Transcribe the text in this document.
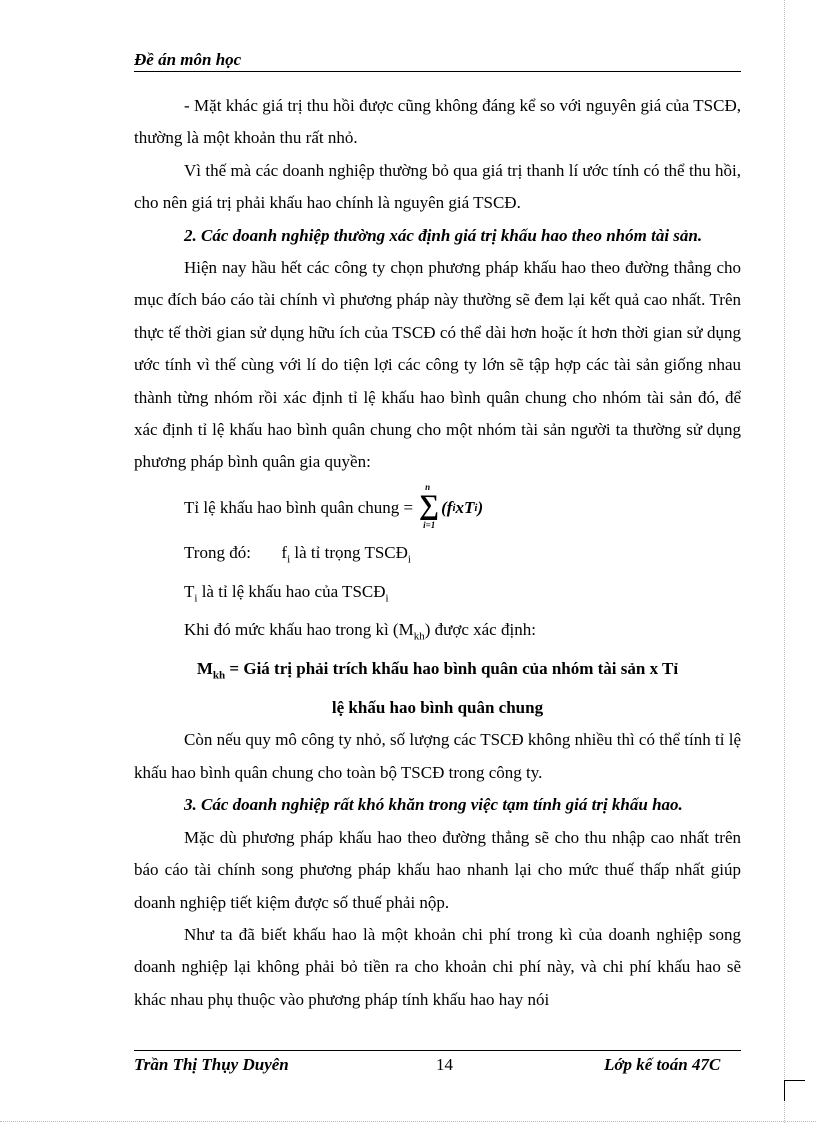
Đề án môn học

- Mặt khác giá trị thu hồi được cũng không đáng kể so với nguyên giá của TSCĐ, thường là một khoản thu rất nhỏ.

Vì thế mà các doanh nghiệp thường bỏ qua giá trị thanh lí ước tính có thể thu hồi, cho nên giá trị phải khấu hao chính là nguyên giá TSCĐ.

2. Các doanh nghiệp thường xác định giá trị khấu hao theo nhóm tài sản.

Hiện nay hầu hết các công ty chọn phương pháp khấu hao theo đường thẳng cho mục đích báo cáo tài chính vì phương pháp này thường sẽ đem lại kết quả cao nhất. Trên thực tế thời gian sử dụng hữu ích của TSCĐ có thể dài hơn hoặc ít hơn thời gian sử dụng ước tính vì thế cùng với lí do tiện lợi các công ty lớn sẽ tập hợp các tài sản giống nhau thành từng nhóm rồi xác định tỉ lệ khấu hao bình quân chung cho nhóm tài sản đó, để xác định tỉ lệ khấu hao bình quân chung cho một nhóm tài sản người ta thường sử dụng phương pháp bình quân gia quyền:

Tỉ lệ khấu hao bình quân chung =
n
∑
i=1
(f i xT i )

Trong đó: $f_i$ là tỉ trọng $TSCĐ_i$

$T_i$ là tỉ lệ khấu hao của $TSCĐ_i$

Khi đó mức khấu hao trong kì $(M_{kh})$ được xác định:

$M_{kh}$ = Giá trị phải trích khấu hao bình quân của nhóm tài sản x Tỉ

lệ khấu hao bình quân chung

Còn nếu quy mô công ty nhỏ, số lượng các TSCĐ không nhiều thì có thể tính tỉ lệ khấu hao bình quân chung cho toàn bộ TSCĐ trong công ty.

3. Các doanh nghiệp rất khó khăn trong việc tạm tính giá trị khấu hao.

Mặc dù phương pháp khấu hao theo đường thẳng sẽ cho thu nhập cao nhất trên báo cáo tài chính song phương pháp khấu hao nhanh lại cho mức thuế thấp nhất giúp doanh nghiệp tiết kiệm được số thuế phải nộp.

Như ta đã biết khấu hao là một khoản chi phí trong kì của doanh nghiệp song doanh nghiệp lại không phải bỏ tiền ra cho khoản chi phí này, và chi phí khấu hao sẽ khác nhau phụ thuộc vào phương pháp tính khấu hao hay nói

Trần Thị Thụy Duyên	14	Lớp kế toán 47C
